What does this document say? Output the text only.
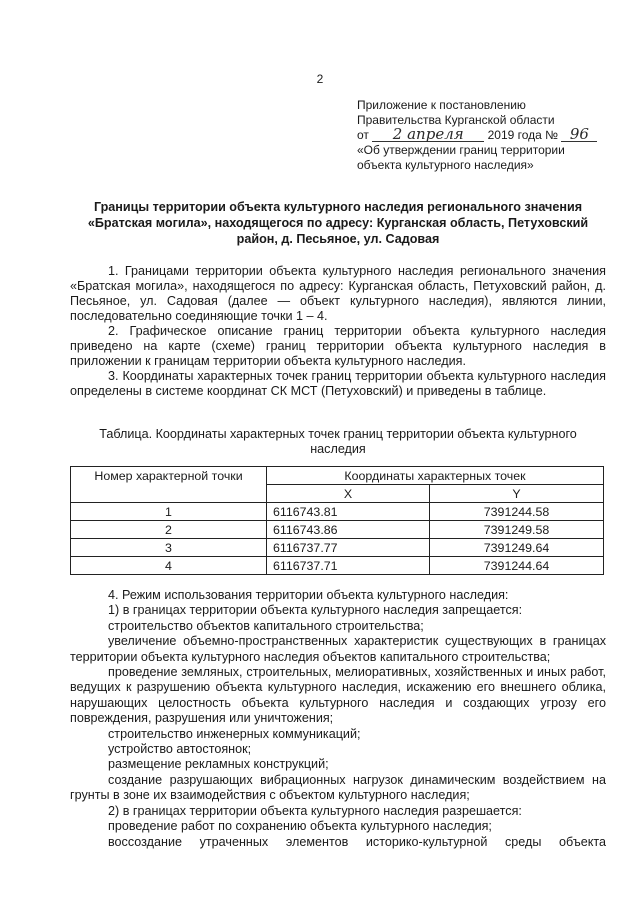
2
Приложение к постановлению
Правительства Курганской области
от 2 апреля 2019 года № 96
«Об утверждении границ территории
объекта культурного наследия»
Границы территории объекта культурного наследия регионального значения «Братская могила», находящегося по адресу: Курганская область, Петуховский район, д. Песьяное, ул. Садовая

1. Границами территории объекта культурного наследия регионального значения «Братская могила», находящегося по адресу: Курганская область, Петуховский район, д. Песьяное, ул. Садовая (далее — объект культурного наследия), являются линии, последовательно соединяющие точки 1 – 4.

2. Графическое описание границ территории объекта культурного наследия приведено на карте (схеме) границ территории объекта культурного наследия в приложении к границам территории объекта культурного наследия.

3. Координаты характерных точек границ территории объекта культурного наследия определены в системе координат СК МСТ (Петуховский) и приведены в таблице.

Таблица. Координаты характерных точек границ территории объекта культурного наследия
Номер характерной точки	Координаты характерных точек	
	X	Y
1	6116743.81	7391244.58
2	6116743.86	7391249.58
3	6116737.77	7391249.64
4	6116737.71	7391244.64

4. Режим использования территории объекта культурного наследия:

1) в границах территории объекта культурного наследия запрещается:

строительство объектов капитального строительства;

увеличение объемно-пространственных характеристик существующих в границах территории объекта культурного наследия объектов капитального строительства;

проведение земляных, строительных, мелиоративных, хозяйственных и иных работ, ведущих к разрушению объекта культурного наследия, искажению его внешнего облика, нарушающих целостность объекта культурного наследия и создающих угрозу его повреждения, разрушения или уничтожения;

строительство инженерных коммуникаций;

устройство автостоянок;

размещение рекламных конструкций;

создание разрушающих вибрационных нагрузок динамическим воздействием на грунты в зоне их взаимодействия с объектом культурного наследия;

2) в границах территории объекта культурного наследия разрешается:

проведение работ по сохранению объекта культурного наследия;

воссоздание утраченных элементов историко-культурной среды объекта
